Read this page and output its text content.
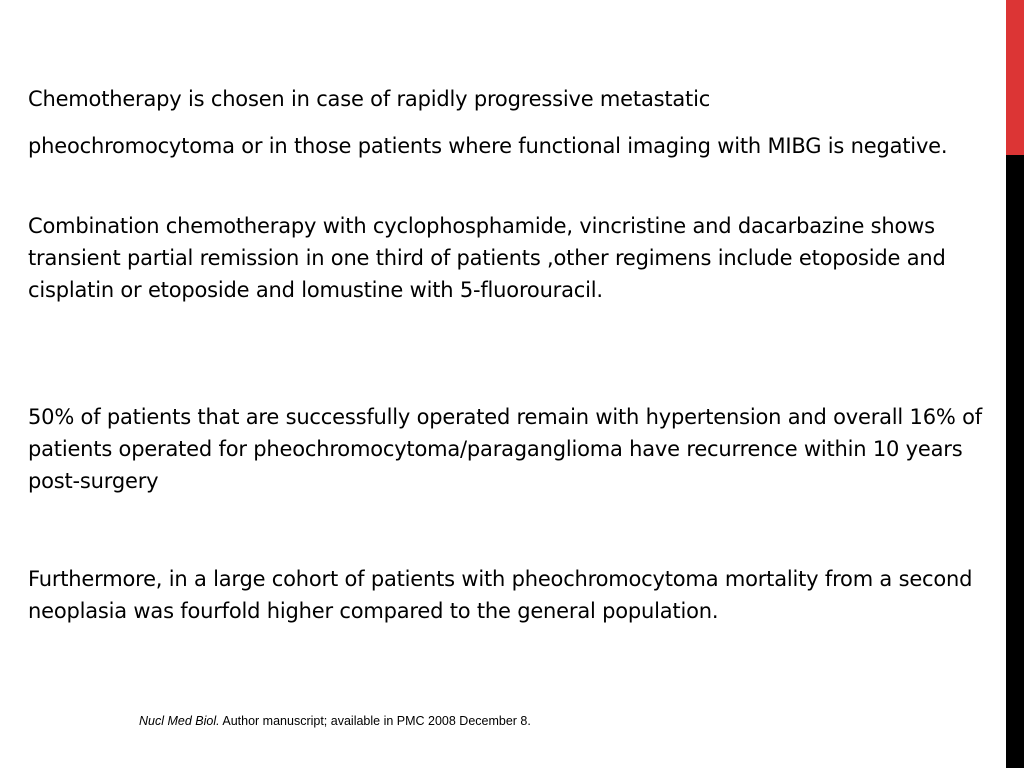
Chemotherapy is chosen in case of rapidly progressive metastatic

pheochromocytoma or in those patients where functional imaging with MIBG is negative.

Combination chemotherapy with cyclophosphamide, vincristine and dacarbazine shows transient partial remission in one third of patients ,other regimens include etoposide and cisplatin or etoposide and lomustine with 5-fluorouracil.

50% of patients that are successfully operated remain with hypertension and overall 16% of patients operated for pheochromocytoma/paraganglioma have recurrence within 10 years post-surgery

Furthermore, in a large cohort of patients with pheochromocytoma mortality from a second neoplasia was fourfold higher compared to the general population.

Nucl Med Biol. Author manuscript; available in PMC 2008 December 8.
